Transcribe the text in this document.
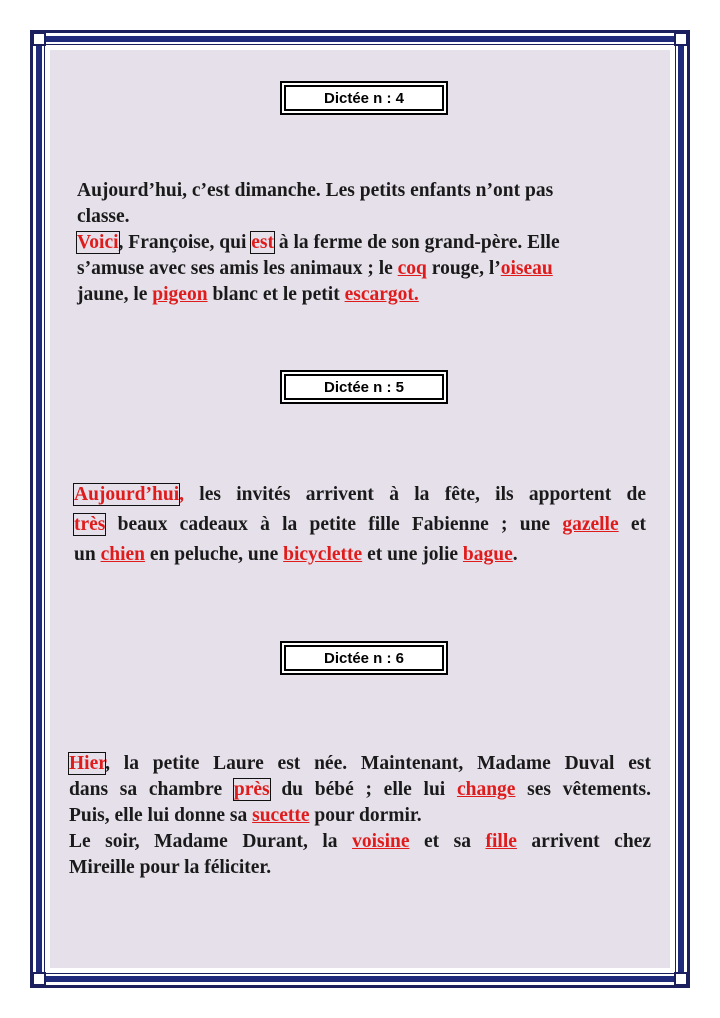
Dictée n : 4
Aujourd’hui, c’est dimanche. Les petits enfants n’ont pas
classe.
Voici, Françoise, qui est à la ferme de son grand-père. Elle
s’amuse avec ses amis les animaux ; le coq rouge, l’oiseau
jaune, le pigeon blanc et le petit escargot.
Dictée n : 5
Aujourd’hui, les invités arrivent à la fête, ils apportent de
très beaux cadeaux à la petite fille Fabienne ; une gazelle et
un chien en peluche, une bicyclette et une jolie bague.
Dictée n : 6
Hier, la petite Laure est née. Maintenant, Madame Duval est
dans sa chambre près du bébé ; elle lui change ses vêtements.
Puis, elle lui donne sa sucette pour dormir.
Le soir, Madame Durant, la voisine et sa fille arrivent chez
Mireille pour la féliciter.
